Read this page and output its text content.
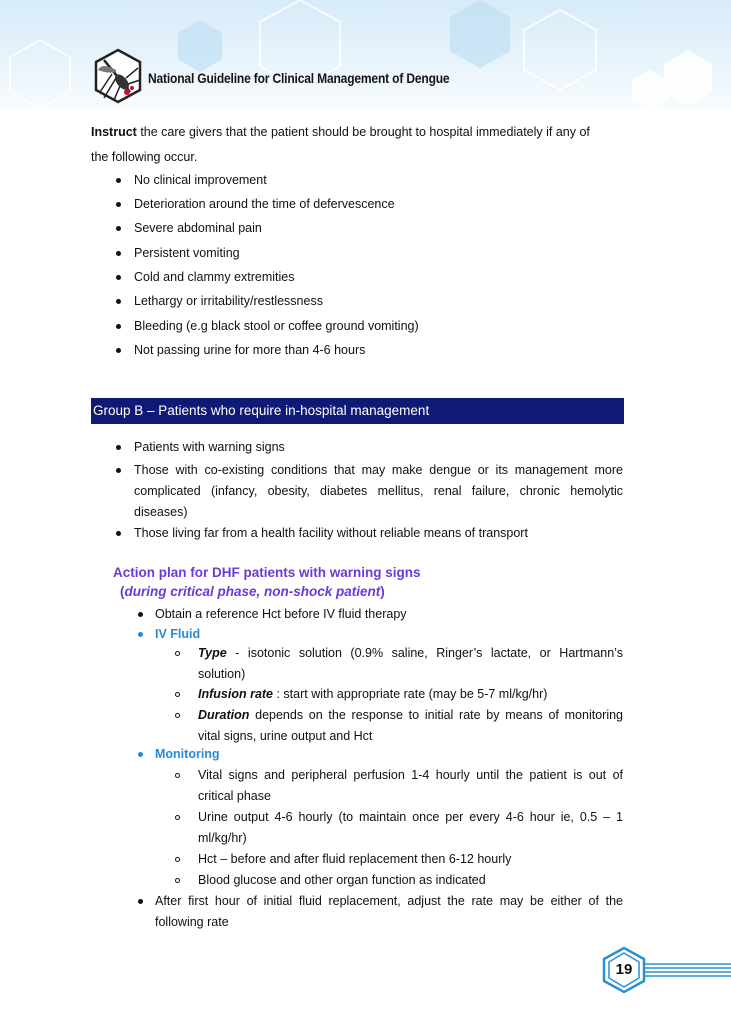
National Guideline for Clinical Management of Dengue
Instruct the care givers that the patient should be brought to hospital immediately if any of
the following occur.
No clinical improvement
Deterioration around the time of defervescence
Severe abdominal pain
Persistent vomiting
Cold and clammy extremities
Lethargy or irritability/restlessness
Bleeding (e.g black stool or coffee ground vomiting)
Not passing urine for more than 4-6 hours
Group B – Patients who require in-hospital management
Patients with warning signs
Those with co-existing conditions that may make dengue or its management more
complicated (infancy, obesity, diabetes mellitus, renal failure, chronic hemolytic
diseases)
Those living far from a health facility without reliable means of transport
Action plan for DHF patients with warning signs
(during critical phase, non-shock patient)
Obtain a reference Hct before IV fluid therapy
IV Fluid
Type - isotonic solution (0.9% saline, Ringer’s lactate, or Hartmann’s
solution)
Infusion rate : start with appropriate rate (may be 5-7 ml/kg/hr)
Duration depends on the response to initial rate by means of monitoring
vital signs, urine output and Hct
Monitoring
Vital signs and peripheral perfusion 1-4 hourly until the patient is out of
critical phase
Urine output 4-6 hourly (to maintain once per every 4-6 hour ie, 0.5 – 1
ml/kg/hr)
Hct – before and after fluid replacement then 6-12 hourly
Blood glucose and other organ function as indicated
After first hour of initial fluid replacement, adjust the rate may be either of the
following rate
19
